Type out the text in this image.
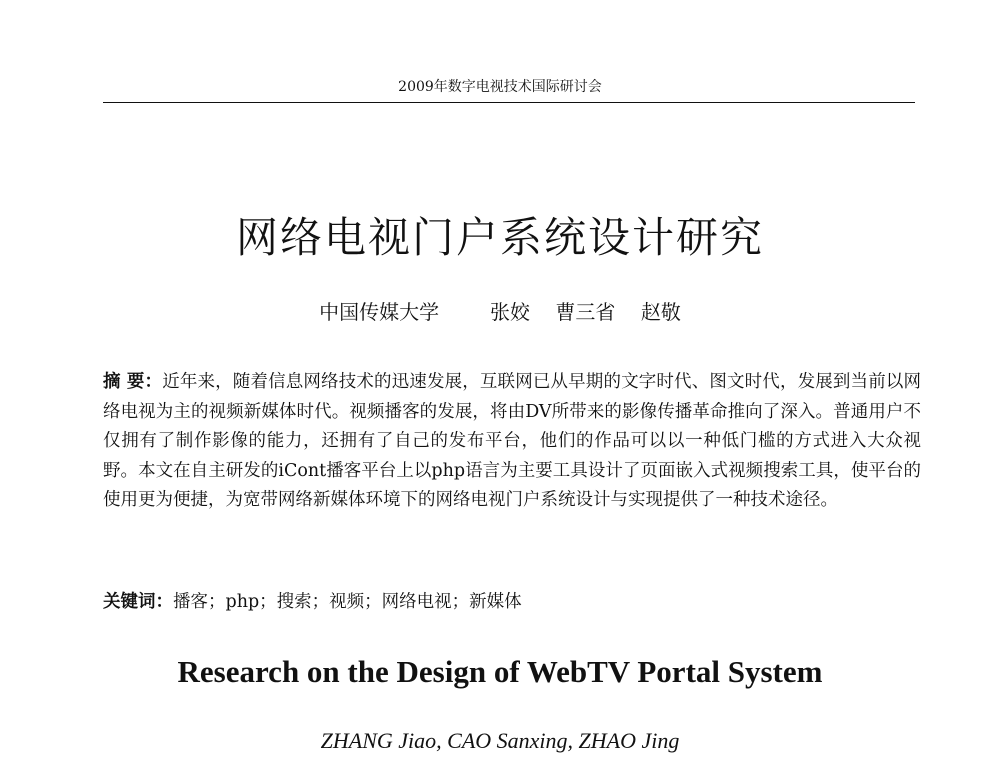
2009年数字电视技术国际研讨会
网络电视门户系统设计研究
中国传媒大学	张姣    曹三省    赵敬
摘 要：近年来，随着信息网络技术的迅速发展，互联网已从早期的文字时代、图文时代，发展到当前以网络电视为主的视频新媒体时代。视频播客的发展，将由DV所带来的影像传播革命推向了深入。普通用户不仅拥有了制作影像的能力，还拥有了自己的发布平台，他们的作品可以以一种低门槛的方式进入大众视野。本文在自主研发的iCont播客平台上以php语言为主要工具设计了页面嵌入式视频搜索工具，使平台的使用更为便捷，为宽带网络新媒体环境下的网络电视门户系统设计与实现提供了一种技术途径。
关键词：播客；php；搜索；视频；网络电视；新媒体
Research on the Design of WebTV Portal System
ZHANG Jiao, CAO Sanxing, ZHAO Jing
